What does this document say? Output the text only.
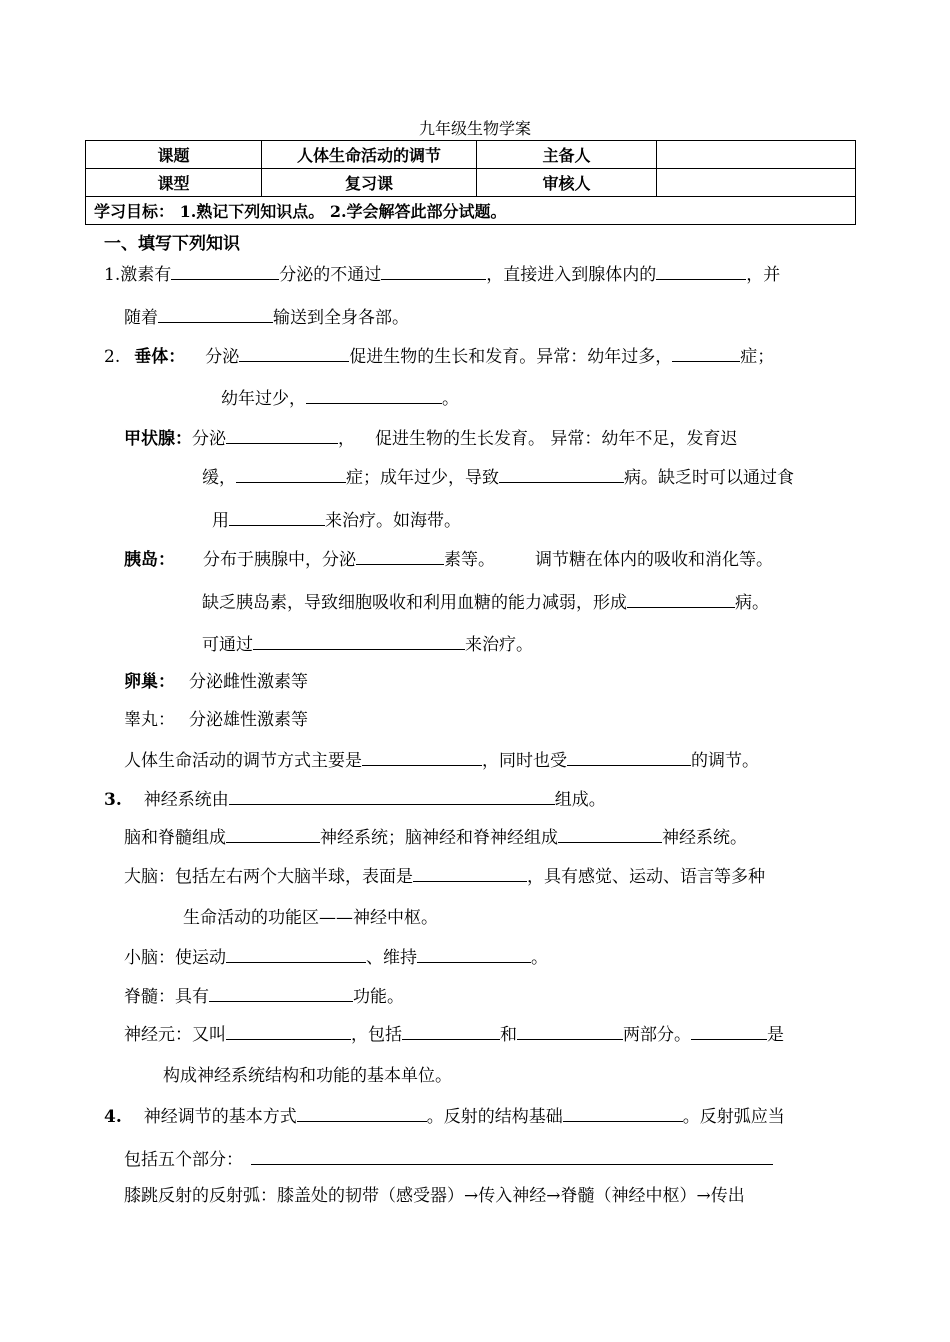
九年级生物学案
课题	人体生命活动的调节	主备人	
课型	复习课	审核人	
学习目标： 1.熟记下列知识点。 2.学会解答此部分试题。			
一、填写下列知识
1.激素有	分泌的不通过	，直接进入到腺体内的	，并
随着	输送到全身各部。
2. 垂体： 分泌	促进生物的生长和发育。异常：幼年过多，	症；
幼年过少，	。
甲状腺：分泌	， 促进生物的生长发育。 异常：幼年不足，发育迟
缓，	症；成年过少，导致	病。缺乏时可以通过食
用	来治疗。如海带。
胰岛： 分布于胰腺中，分泌	素等。 调节糖在体内的吸收和消化等。
缺乏胰岛素，导致细胞吸收和利用血糖的能力减弱，形成	病。
可通过	来治疗。
卵巢： 分泌雌性激素等
睾丸： 分泌雄性激素等
人体生命活动的调节方式主要是	，同时也受	的调节。
3. 神经系统由	组成。
脑和脊髓组成	神经系统；脑神经和脊神经组成	神经系统。
大脑：包括左右两个大脑半球，表面是	，具有感觉、运动、语言等多种
生命活动的功能区——神经中枢。
小脑：使运动	、维持	。
脊髓：具有	功能。
神经元：又叫	，包括	和	两部分。	是
构成神经系统结构和功能的基本单位。
4. 神经调节的基本方式	。反射的结构基础	。反射弧应当
包括五个部分：
膝跳反射的反射弧：膝盖处的韧带（感受器）→传入神经→脊髓（神经中枢）→传出
